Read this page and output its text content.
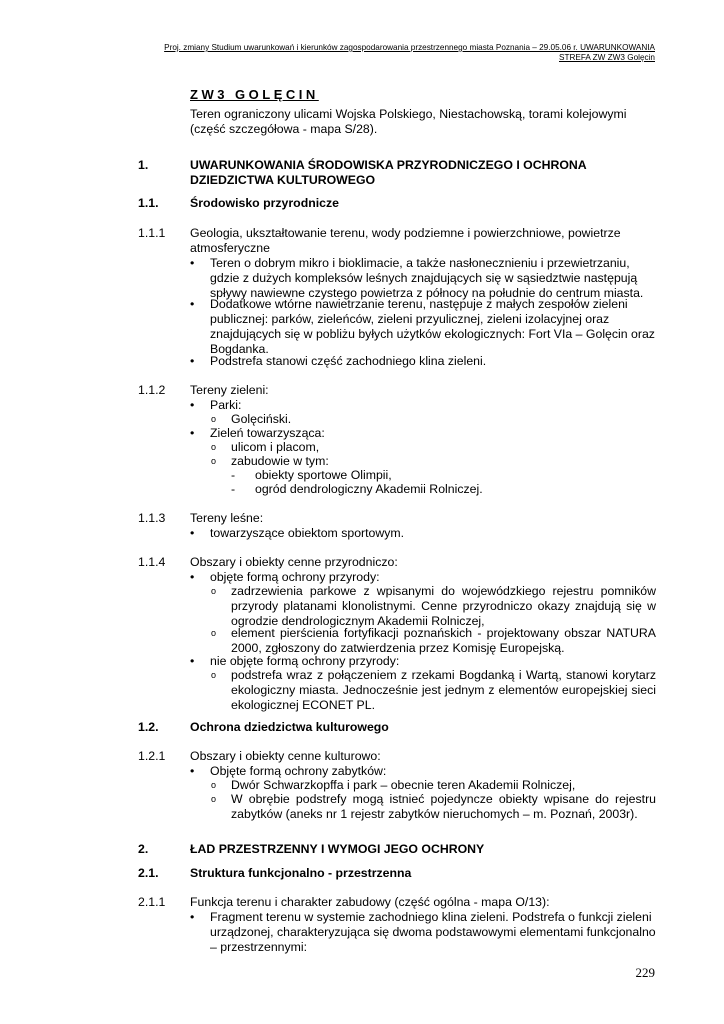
Proj. zmiany Studium uwarunkowań i kierunków zagospodarowania przestrzennego miasta Poznania – 29.05.06 r. UWARUNKOWANIA
STREFA ZW ZW3 Golęcin
ZW3 GOLĘCIN
Teren ograniczony ulicami Wojska Polskiego, Niestachowską, torami kolejowymi (część szczegółowa - mapa S/28).
1.	UWARUNKOWANIA ŚRODOWISKA PRZYRODNICZEGO I OCHRONA DZIEDZICTWA KULTUROWEGO
1.1.	Środowisko przyrodnicze
1.1.1 Geologia, ukształtowanie terenu, wody podziemne i powierzchniowe, powietrze atmosferyczne
• Teren o dobrym mikro i bioklimacie, a także nasłonecznieniu i przewietrzaniu, gdzie z dużych kompleksów leśnych znajdujących się w sąsiedztwie następują spływy nawiewne czystego powietrza z północy na południe do centrum miasta.
• Dodatkowe wtórne nawietrzanie terenu, następuje z małych zespołów zieleni publicznej: parków, zieleńców, zieleni przyulicznej, zieleni izolacyjnej oraz znajdujących się w pobliżu byłych użytków ekologicznych: Fort VIa – Golęcin oraz Bogdanka.
• Podstrefa stanowi część zachodniego klina zieleni.
1.1.2 Tereny zieleni:
• Parki:
o Golęciński.
• Zieleń towarzysząca:
o ulicom i placom,
o zabudowie w tym:
- obiekty sportowe Olimpii,
- ogród dendrologiczny Akademii Rolniczej.
1.1.3 Tereny leśne:
• towarzyszące obiektom sportowym.
1.1.4 Obszary i obiekty cenne przyrodniczo:
• objęte formą ochrony przyrody:
o zadrzewienia parkowe z wpisanymi do wojewódzkiego rejestru pomników przyrody platanami klonolistnymi. Cenne przyrodniczo okazy znajdują się w ogrodzie dendrologicznym Akademii Rolniczej,
o element pierścienia fortyfikacji poznańskich - projektowany obszar NATURA 2000, zgłoszony do zatwierdzenia przez Komisję Europejską.
• nie objęte formą ochrony przyrody:
o podstrefa wraz z połączeniem z rzekami Bogdanką i Wartą, stanowi korytarz ekologiczny miasta. Jednocześnie jest jednym z elementów europejskiej sieci ekologicznej ECONET PL.
1.2.	Ochrona dziedzictwa kulturowego
1.2.1 Obszary i obiekty cenne kulturowo:
• Objęte formą ochrony zabytków:
o Dwór Schwarzkopffa i park – obecnie teren Akademii Rolniczej,
o W obrębie podstrefy mogą istnieć pojedyncze obiekty wpisane do rejestru zabytków (aneks nr 1 rejestr zabytków nieruchomych – m. Poznań, 2003r).
2.	ŁAD PRZESTRZENNY I WYMOGI JEGO OCHRONY
2.1.	Struktura funkcjonalno - przestrzenna
2.1.1 Funkcja terenu i charakter zabudowy (część ogólna - mapa O/13):
• Fragment terenu w systemie zachodniego klina zieleni. Podstrefa o funkcji zieleni urządzonej, charakteryzująca się dwoma podstawowymi elementami funkcjonalno – przestrzennymi:
229
